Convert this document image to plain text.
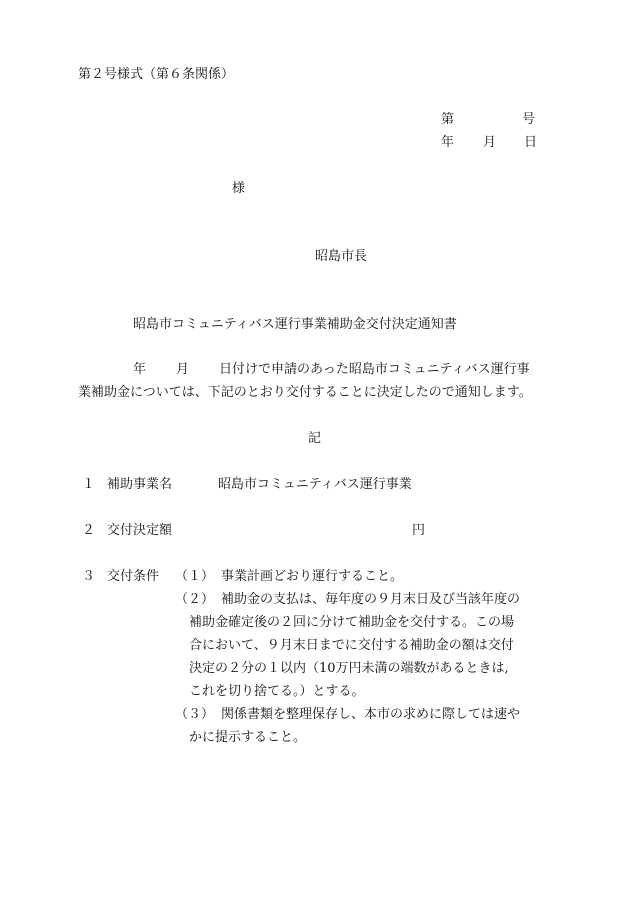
第２号様式（第６条関係）
第	号
年 月 日
様
昭島市長
昭島市コミュニティバス運行事業補助金交付決定通知書
年 月 日付けで申請のあった昭島市コミュニティバス運行事
業補助金については、下記のとおり交付することに決定したので通知します。
記
１ 補助事業名	昭島市コミュニティバス運行事業
２ 交付決定額	円
３ 交付条件 （１） 事業計画どおり運行すること。
（２） 補助金の支払は、毎年度の９月末日及び当該年度の
補助金確定後の２回に分けて補助金を交付する。この場
合において、９月末日までに交付する補助金の額は交付
決定の２分の１以内（10万円未満の端数があるときは,
これを切り捨てる。）とする。
（３） 関係書類を整理保存し、本市の求めに際しては速や
かに提示すること。
